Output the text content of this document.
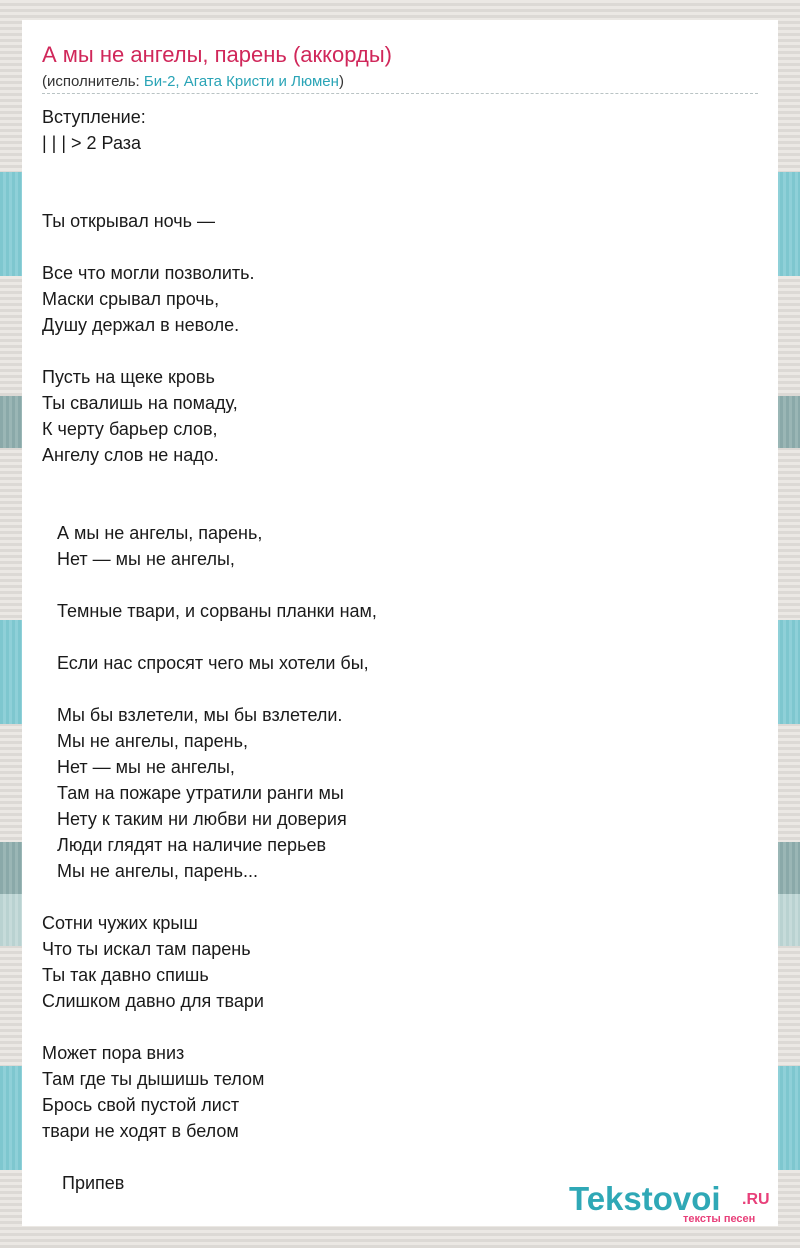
А мы не ангелы, парень (аккорды)
(исполнитель: Би-2, Агата Кристи и Люмен)
Вступление:
| | | > 2 Раза
Ты открывал ночь —
Все что могли позволить.
Маски срывал прочь,
Душу держал в неволе.
Пусть на щеке кровь
Ты свалишь на помаду,
К черту барьер слов,
Ангелу слов не надо.
А мы не ангелы, парень,
Нет — мы не ангелы,
Темные твари, и сорваны планки нам,
Если нас спросят чего мы хотели бы,
Мы бы взлетели, мы бы взлетели.
Мы не ангелы, парень,
Нет — мы не ангелы,
Там на пожаре утратили ранги мы
Нету к таким ни любви ни доверия
Люди глядят на наличие перьев
Мы не ангелы, парень...
Сотни чужих крыш
Что ты искал там парень
Ты так давно спишь
Слишком давно для твари
Может пора вниз
Там где ты дышишь телом
Брось свой пустой лист
твари не ходят в белом
Припев	Tekstovoi .RU
тексты песен
